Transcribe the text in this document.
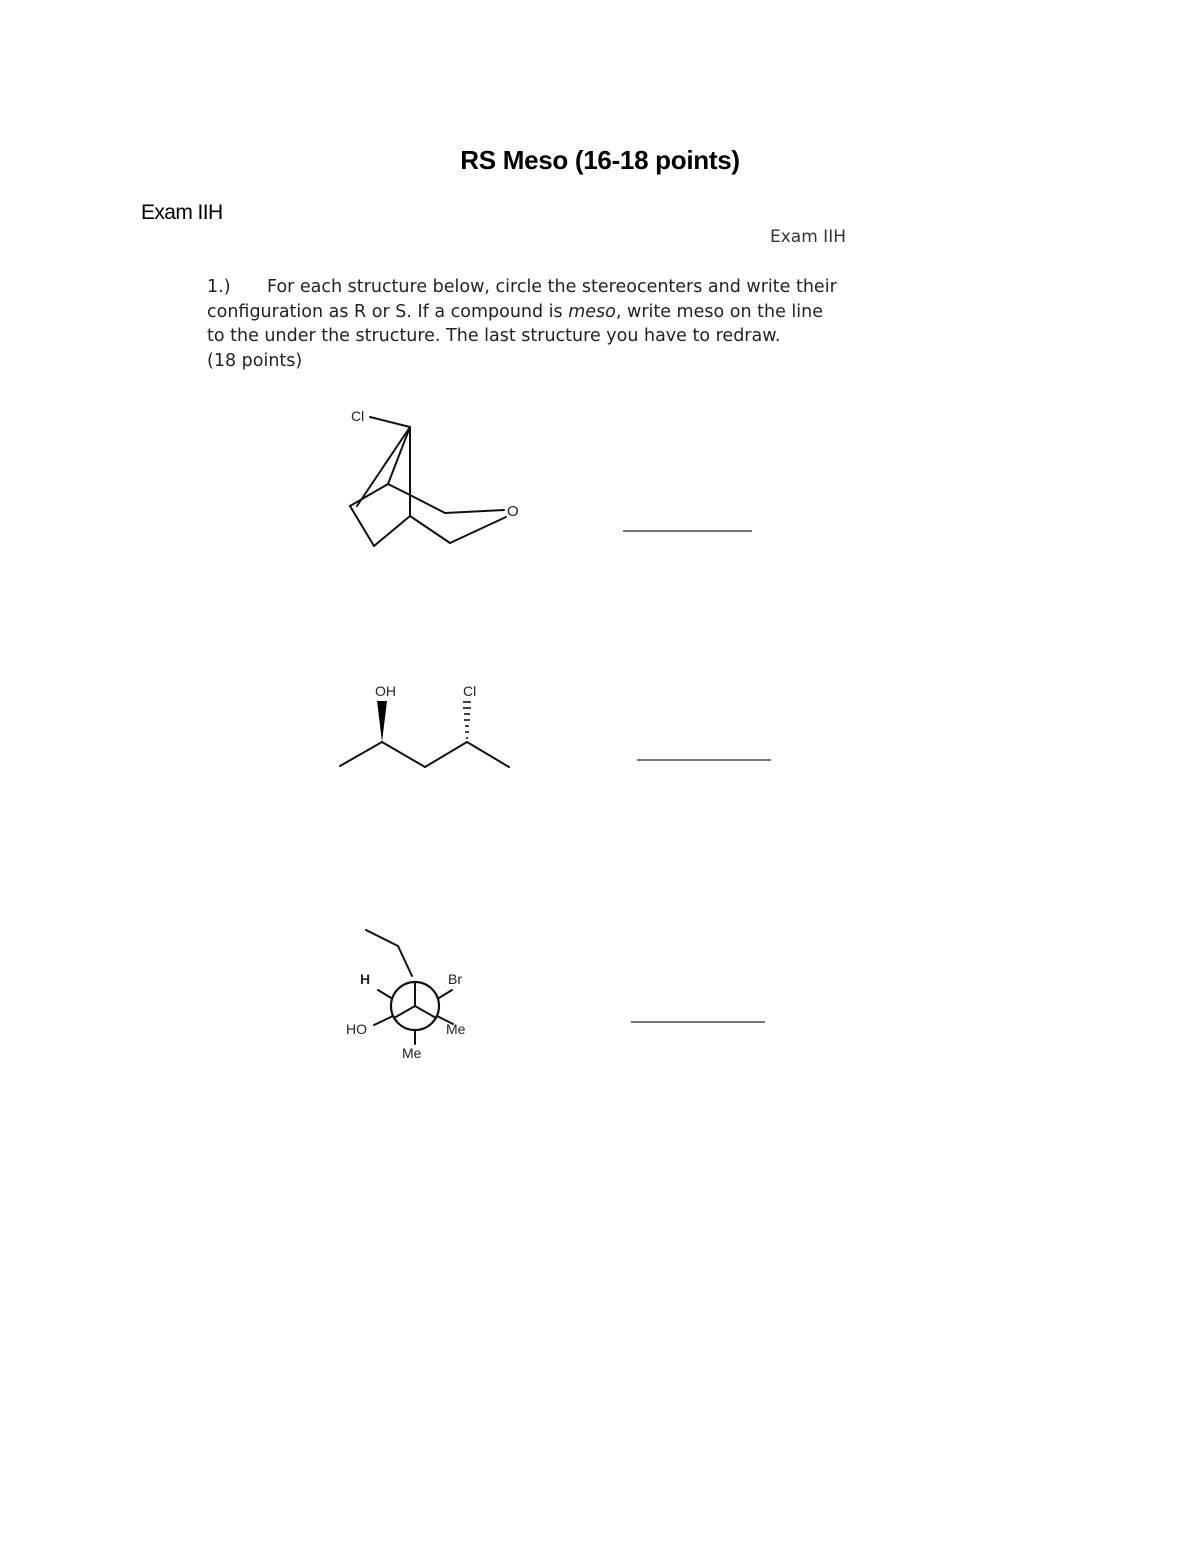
RS Meso (16-18 points)
Exam IIH
Exam IIH
1.) For each structure below, circle the stereocenters and write their
configuration as R or S. If a compound is meso, write meso on the line
to the under the structure. The last structure you have to redraw.
(18 points)
Cl
O
OH	Cl
H	Br
HO	Me
Me
